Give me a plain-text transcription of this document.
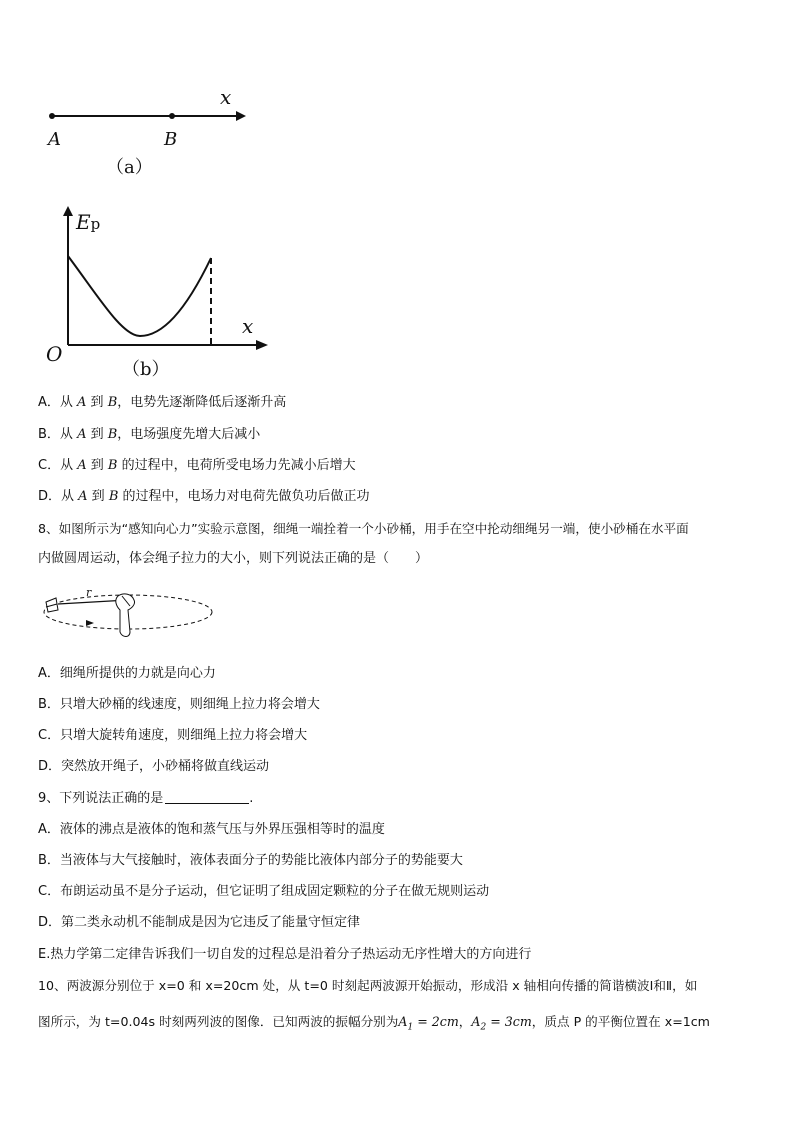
x
A	B
（a）
Ep
x
O
（b）
A．从 A 到 B，电势先逐渐降低后逐渐升高
B．从 A 到 B，电场强度先增大后减小
C．从 A 到 B 的过程中，电荷所受电场力先减小后增大
D．从 A 到 B 的过程中，电场力对电荷先做负功后做正功
8、如图所示为“感知向心力”实验示意图，细绳一端拴着一个小砂桶，用手在空中抡动细绳另一端，使小砂桶在水平面
内做圆周运动，体会绳子拉力的大小，则下列说法正确的是（ ）
r
A．细绳所提供的力就是向心力
B．只增大砂桶的线速度，则细绳上拉力将会增大
C．只增大旋转角速度，则细绳上拉力将会增大
D．突然放开绳子，小砂桶将做直线运动
9、下列说法正确的是	.
A．液体的沸点是液体的饱和蒸气压与外界压强相等时的温度
B．当液体与大气接触时，液体表面分子的势能比液体内部分子的势能要大
C．布朗运动虽不是分子运动，但它证明了组成固定颗粒的分子在做无规则运动
D．第二类永动机不能制成是因为它违反了能量守恒定律
E.热力学第二定律告诉我们一切自发的过程总是沿着分子热运动无序性增大的方向进行
10、两波源分别位于 x=0 和 x=20cm 处，从 t=0 时刻起两波源开始振动，形成沿 x 轴相向传播的简谐横波Ⅰ和Ⅱ，如
图所示，为 t=0.04s 时刻两列波的图像．已知两波的振幅分别为$A_1 = 2cm$，$A_2 = 3cm$，质点 P 的平衡位置在 x=1cm
